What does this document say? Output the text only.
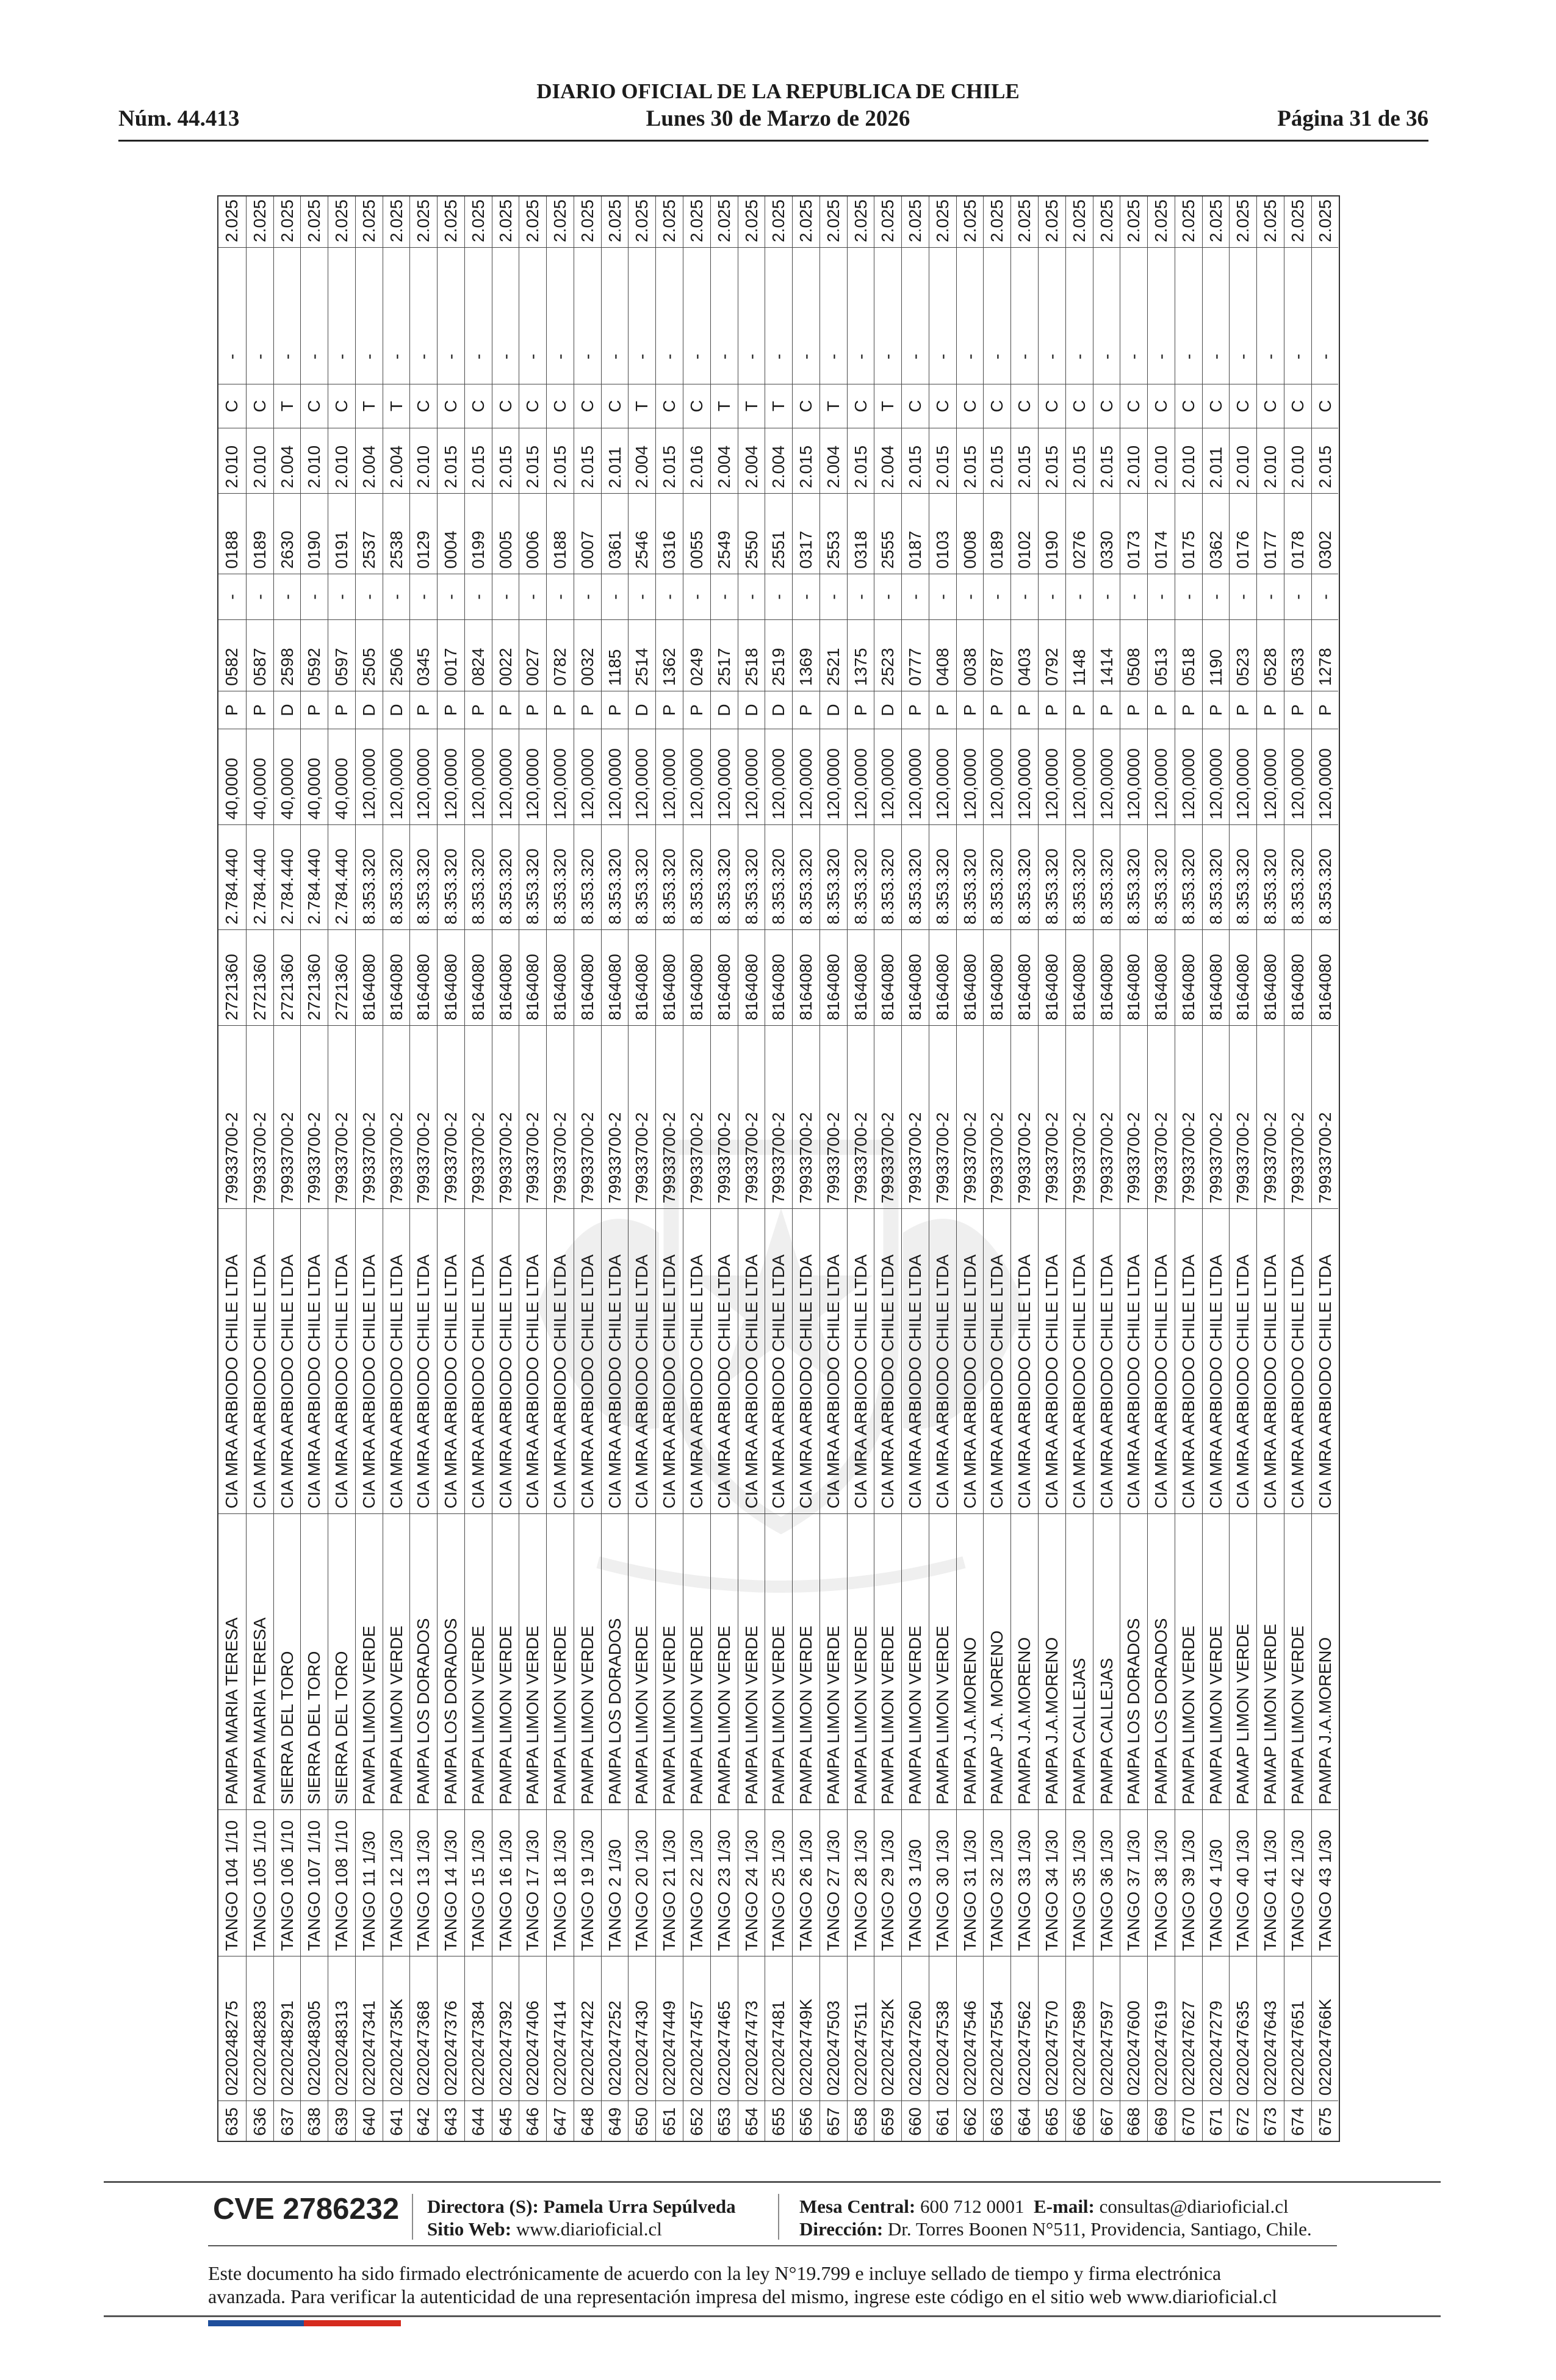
DIARIO OFICIAL DE LA REPUBLICA DE CHILE
Núm. 44.413	Lunes 30 de Marzo de 2026	Página 31 de 36
635
0220248275
TANGO 104 1/10
PAMPA MARIA TERESA
CIA MRA ARBIODO CHILE LTDA
79933700-2
2721360
2.784.440
40,0000
P
0582
-
0188
2.010
C
-
2.025
636
0220248283
TANGO 105 1/10
PAMPA MARIA TERESA
CIA MRA ARBIODO CHILE LTDA
79933700-2
2721360
2.784.440
40,0000
P
0587
-
0189
2.010
C
-
2.025
637
0220248291
TANGO 106 1/10
SIERRA DEL TORO
CIA MRA ARBIODO CHILE LTDA
79933700-2
2721360
2.784.440
40,0000
D
2598
-
2630
2.004
T
-
2.025
638
0220248305
TANGO 107 1/10
SIERRA DEL TORO
CIA MRA ARBIODO CHILE LTDA
79933700-2
2721360
2.784.440
40,0000
P
0592
-
0190
2.010
C
-
2.025
639
0220248313
TANGO 108 1/10
SIERRA DEL TORO
CIA MRA ARBIODO CHILE LTDA
79933700-2
2721360
2.784.440
40,0000
P
0597
-
0191
2.010
C
-
2.025
640
0220247341
TANGO 11 1/30
PAMPA LIMON VERDE
CIA MRA ARBIODO CHILE LTDA
79933700-2
8164080
8.353.320
120,0000
D
2505
-
2537
2.004
T
-
2.025
641
022024735K
TANGO 12 1/30
PAMPA LIMON VERDE
CIA MRA ARBIODO CHILE LTDA
79933700-2
8164080
8.353.320
120,0000
D
2506
-
2538
2.004
T
-
2.025
642
0220247368
TANGO 13 1/30
PAMPA LOS DORADOS
CIA MRA ARBIODO CHILE LTDA
79933700-2
8164080
8.353.320
120,0000
P
0345
-
0129
2.010
C
-
2.025
643
0220247376
TANGO 14 1/30
PAMPA LOS DORADOS
CIA MRA ARBIODO CHILE LTDA
79933700-2
8164080
8.353.320
120,0000
P
0017
-
0004
2.015
C
-
2.025
644
0220247384
TANGO 15 1/30
PAMPA LIMON VERDE
CIA MRA ARBIODO CHILE LTDA
79933700-2
8164080
8.353.320
120,0000
P
0824
-
0199
2.015
C
-
2.025
645
0220247392
TANGO 16 1/30
PAMPA LIMON VERDE
CIA MRA ARBIODO CHILE LTDA
79933700-2
8164080
8.353.320
120,0000
P
0022
-
0005
2.015
C
-
2.025
646
0220247406
TANGO 17 1/30
PAMPA LIMON VERDE
CIA MRA ARBIODO CHILE LTDA
79933700-2
8164080
8.353.320
120,0000
P
0027
-
0006
2.015
C
-
2.025
647
0220247414
TANGO 18 1/30
PAMPA LIMON VERDE
CIA MRA ARBIODO CHILE LTDA
79933700-2
8164080
8.353.320
120,0000
P
0782
-
0188
2.015
C
-
2.025
648
0220247422
TANGO 19 1/30
PAMPA LIMON VERDE
CIA MRA ARBIODO CHILE LTDA
79933700-2
8164080
8.353.320
120,0000
P
0032
-
0007
2.015
C
-
2.025
649
0220247252
TANGO 2 1/30
PAMPA LOS DORADOS
CIA MRA ARBIODO CHILE LTDA
79933700-2
8164080
8.353.320
120,0000
P
1185
-
0361
2.011
C
-
2.025
650
0220247430
TANGO 20 1/30
PAMPA LIMON VERDE
CIA MRA ARBIODO CHILE LTDA
79933700-2
8164080
8.353.320
120,0000
D
2514
-
2546
2.004
T
-
2.025
651
0220247449
TANGO 21 1/30
PAMPA LIMON VERDE
CIA MRA ARBIODO CHILE LTDA
79933700-2
8164080
8.353.320
120,0000
P
1362
-
0316
2.015
C
-
2.025
652
0220247457
TANGO 22 1/30
PAMPA LIMON VERDE
CIA MRA ARBIODO CHILE LTDA
79933700-2
8164080
8.353.320
120,0000
P
0249
-
0055
2.016
C
-
2.025
653
0220247465
TANGO 23 1/30
PAMPA LIMON VERDE
CIA MRA ARBIODO CHILE LTDA
79933700-2
8164080
8.353.320
120,0000
D
2517
-
2549
2.004
T
-
2.025
654
0220247473
TANGO 24 1/30
PAMPA LIMON VERDE
CIA MRA ARBIODO CHILE LTDA
79933700-2
8164080
8.353.320
120,0000
D
2518
-
2550
2.004
T
-
2.025
655
0220247481
TANGO 25 1/30
PAMPA LIMON VERDE
CIA MRA ARBIODO CHILE LTDA
79933700-2
8164080
8.353.320
120,0000
D
2519
-
2551
2.004
T
-
2.025
656
022024749K
TANGO 26 1/30
PAMPA LIMON VERDE
CIA MRA ARBIODO CHILE LTDA
79933700-2
8164080
8.353.320
120,0000
P
1369
-
0317
2.015
C
-
2.025
657
0220247503
TANGO 27 1/30
PAMPA LIMON VERDE
CIA MRA ARBIODO CHILE LTDA
79933700-2
8164080
8.353.320
120,0000
D
2521
-
2553
2.004
T
-
2.025
658
0220247511
TANGO 28 1/30
PAMPA LIMON VERDE
CIA MRA ARBIODO CHILE LTDA
79933700-2
8164080
8.353.320
120,0000
P
1375
-
0318
2.015
C
-
2.025
659
022024752K
TANGO 29 1/30
PAMPA LIMON VERDE
CIA MRA ARBIODO CHILE LTDA
79933700-2
8164080
8.353.320
120,0000
D
2523
-
2555
2.004
T
-
2.025
660
0220247260
TANGO 3 1/30
PAMPA LIMON VERDE
CIA MRA ARBIODO CHILE LTDA
79933700-2
8164080
8.353.320
120,0000
P
0777
-
0187
2.015
C
-
2.025
661
0220247538
TANGO 30 1/30
PAMPA LIMON VERDE
CIA MRA ARBIODO CHILE LTDA
79933700-2
8164080
8.353.320
120,0000
P
0408
-
0103
2.015
C
-
2.025
662
0220247546
TANGO 31 1/30
PAMPA J.A.MORENO
CIA MRA ARBIODO CHILE LTDA
79933700-2
8164080
8.353.320
120,0000
P
0038
-
0008
2.015
C
-
2.025
663
0220247554
TANGO 32 1/30
PAMAP J.A. MORENO
CIA MRA ARBIODO CHILE LTDA
79933700-2
8164080
8.353.320
120,0000
P
0787
-
0189
2.015
C
-
2.025
664
0220247562
TANGO 33 1/30
PAMPA J.A.MORENO
CIA MRA ARBIODO CHILE LTDA
79933700-2
8164080
8.353.320
120,0000
P
0403
-
0102
2.015
C
-
2.025
665
0220247570
TANGO 34 1/30
PAMPA J.A.MORENO
CIA MRA ARBIODO CHILE LTDA
79933700-2
8164080
8.353.320
120,0000
P
0792
-
0190
2.015
C
-
2.025
666
0220247589
TANGO 35 1/30
PAMPA CALLEJAS
CIA MRA ARBIODO CHILE LTDA
79933700-2
8164080
8.353.320
120,0000
P
1148
-
0276
2.015
C
-
2.025
667
0220247597
TANGO 36 1/30
PAMPA CALLEJAS
CIA MRA ARBIODO CHILE LTDA
79933700-2
8164080
8.353.320
120,0000
P
1414
-
0330
2.015
C
-
2.025
668
0220247600
TANGO 37 1/30
PAMPA LOS DORADOS
CIA MRA ARBIODO CHILE LTDA
79933700-2
8164080
8.353.320
120,0000
P
0508
-
0173
2.010
C
-
2.025
669
0220247619
TANGO 38 1/30
PAMPA LOS DORADOS
CIA MRA ARBIODO CHILE LTDA
79933700-2
8164080
8.353.320
120,0000
P
0513
-
0174
2.010
C
-
2.025
670
0220247627
TANGO 39 1/30
PAMPA LIMON VERDE
CIA MRA ARBIODO CHILE LTDA
79933700-2
8164080
8.353.320
120,0000
P
0518
-
0175
2.010
C
-
2.025
671
0220247279
TANGO 4 1/30
PAMPA LIMON VERDE
CIA MRA ARBIODO CHILE LTDA
79933700-2
8164080
8.353.320
120,0000
P
1190
-
0362
2.011
C
-
2.025
672
0220247635
TANGO 40 1/30
PAMAP LIMON VERDE
CIA MRA ARBIODO CHILE LTDA
79933700-2
8164080
8.353.320
120,0000
P
0523
-
0176
2.010
C
-
2.025
673
0220247643
TANGO 41 1/30
PAMAP LIMON VERDE
CIA MRA ARBIODO CHILE LTDA
79933700-2
8164080
8.353.320
120,0000
P
0528
-
0177
2.010
C
-
2.025
674
0220247651
TANGO 42 1/30
PAMPA LIMON VERDE
CIA MRA ARBIODO CHILE LTDA
79933700-2
8164080
8.353.320
120,0000
P
0533
-
0178
2.010
C
-
2.025
675
022024766K
TANGO 43 1/30
PAMPA J.A.MORENO
CIA MRA ARBIODO CHILE LTDA
79933700-2
8164080
8.353.320
120,0000
P
1278
-
0302
2.015
C
-
2.025
CVE 2786232 Directora (S): Pamela Urra Sepúlveda
Sitio Web: www.diarioficial.cl
Mesa Central: 600 712 0001 E-mail: consultas@diarioficial.cl
Dirección: Dr. Torres Boonen N°511, Providencia, Santiago, Chile.
Este documento ha sido firmado electrónicamente de acuerdo con la ley N°19.799 e incluye sellado de tiempo y firma electrónica
avanzada. Para verificar la autenticidad de una representación impresa del mismo, ingrese este código en el sitio web www.diarioficial.cl
